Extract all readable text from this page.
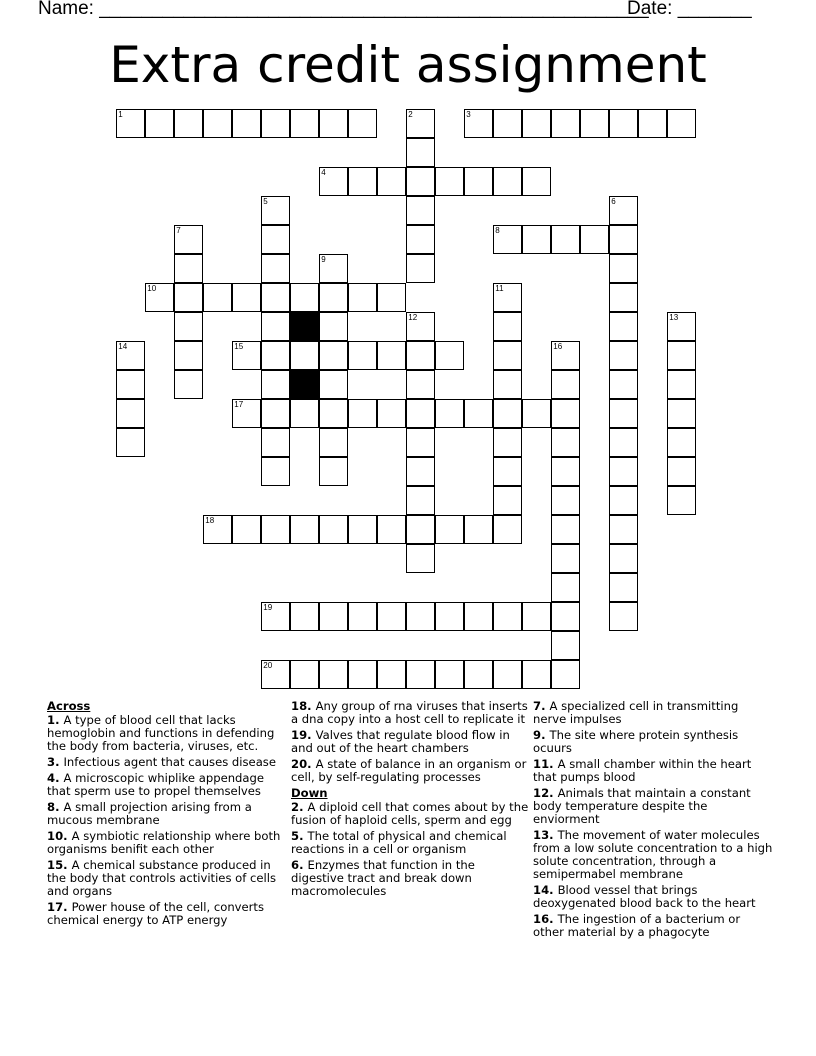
Name: ____________________________________________________
Date: _______
Extra credit assignment
1	2	3
4
5	6
7	8
9
10	11
12	13
14	15	16
17
18
19
20
Across
1. A type of blood cell that lacks hemoglobin and functions in defending the body from bacteria, viruses, etc.
3. Infectious agent that causes disease
4. A microscopic whiplike appendage that sperm use to propel themselves
8. A small projection arising from a mucous membrane
10. A symbiotic relationship where both organisms benifit each other
15. A chemical substance produced in the body that controls activities of cells and organs
17. Power house of the cell, converts chemical energy to ATP energy
18. Any group of rna viruses that inserts a dna copy into a host cell to replicate it
19. Valves that regulate blood flow in and out of the heart chambers
20. A state of balance in an organism or cell, by self-regulating processes
Down
2. A diploid cell that comes about by the fusion of haploid cells, sperm and egg
5. The total of physical and chemical reactions in a cell or organism
6. Enzymes that function in the digestive tract and break down macromolecules
7. A specialized cell in transmitting nerve impulses
9. The site where protein synthesis ocuurs
11. A small chamber within the heart that pumps blood
12. Animals that maintain a constant body temperature despite the enviorment
13. The movement of water molecules from a low solute concentration to a high solute concentration, through a semipermabel membrane
14. Blood vessel that brings deoxygenated blood back to the heart
16. The ingestion of a bacterium or other material by a phagocyte
